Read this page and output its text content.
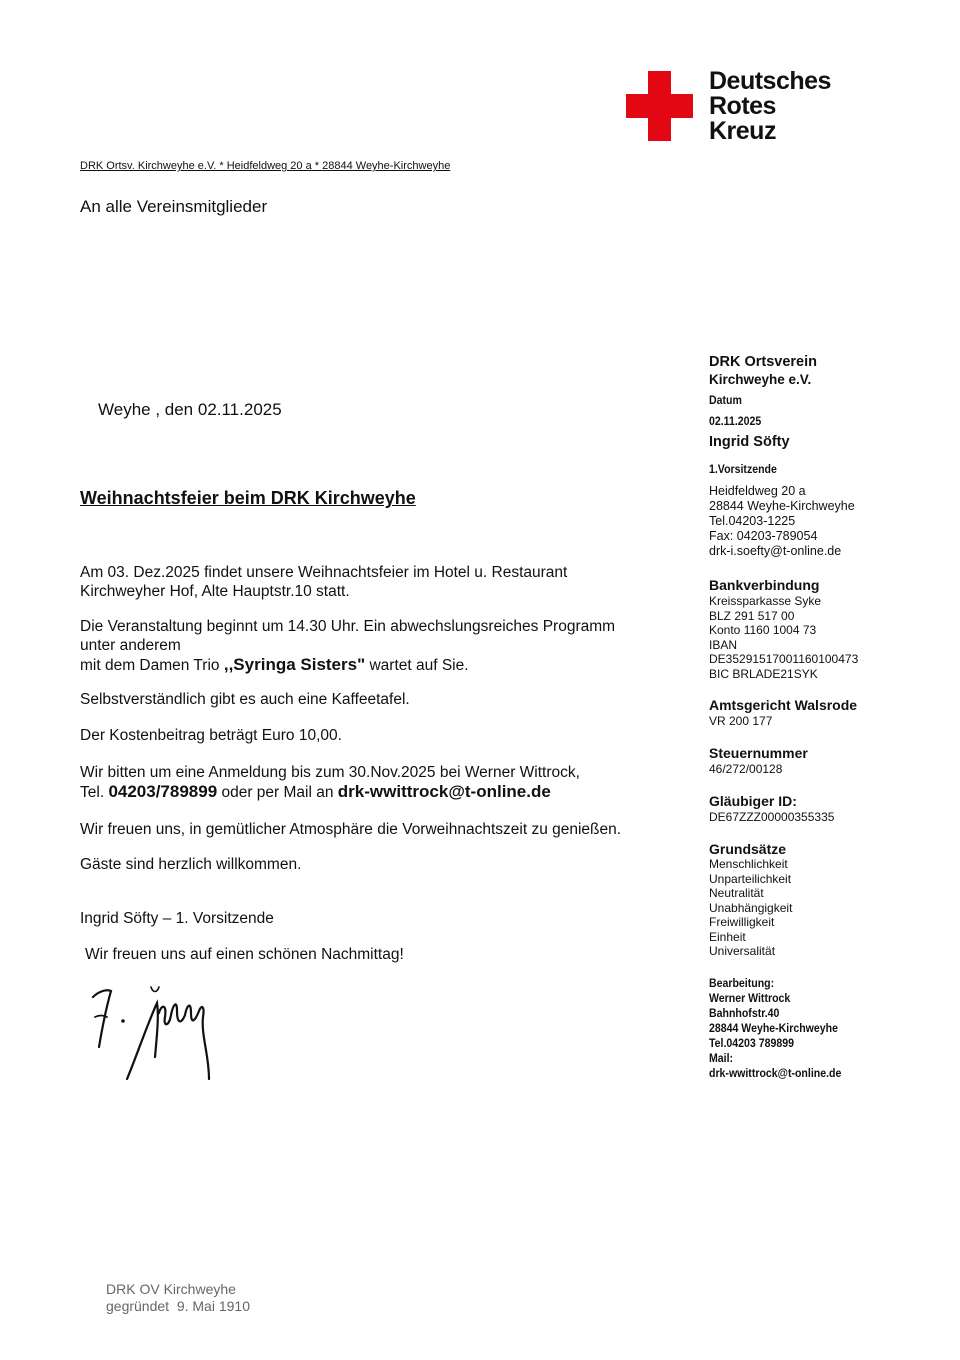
Deutsches
Rotes
Kreuz
DRK Ortsv. Kirchweyhe e.V. * Heidfeldweg 20 a * 28844 Weyhe-Kirchweyhe
An alle Vereinsmitglieder
Weyhe , den 02.11.2025
Weihnachtsfeier beim DRK Kirchweyhe
Am 03. Dez.2025 findet unsere Weihnachtsfeier im Hotel u. Restaurant
Kirchweyher Hof, Alte Hauptstr.10 statt.
Die Veranstaltung beginnt um 14.30 Uhr. Ein abwechslungsreiches Programm
unter anderem
mit dem Damen Trio ,,Syringa Sisters" wartet auf Sie.
Selbstverständlich gibt es auch eine Kaffeetafel.
Der Kostenbeitrag beträgt Euro 10,00.
Wir bitten um eine Anmeldung bis zum 30.Nov.2025 bei Werner Wittrock,
Tel. 04203/789899 oder per Mail an drk-wwittrock@t-online.de
Wir freuen uns, in gemütlicher Atmosphäre die Vorweihnachtszeit zu genießen.
Gäste sind herzlich willkommen.
Ingrid Söfty – 1. Vorsitzende
Wir freuen uns auf einen schönen Nachmittag!
DRK Ortsverein
Kirchweyhe e.V.
Datum
02.11.2025
Ingrid Söfty
1.Vorsitzende
Heidfeldweg 20 a
28844 Weyhe-Kirchweyhe
Tel.04203-1225
Fax: 04203-789054
drk-i.soefty@t-online.de
Bankverbindung
Kreissparkasse Syke
BLZ 291 517 00
Konto 1160 1004 73
IBAN
DE35291517001160100473
BIC BRLADE21SYK
Amtsgericht Walsrode
VR 200 177
Steuernummer
46/272/00128
Gläubiger ID:
DE67ZZZ00000355335
Grundsätze
Menschlichkeit
Unparteilichkeit
Neutralität
Unabhängigkeit
Freiwilligkeit
Einheit
Universalität
Bearbeitung:
Werner Wittrock
Bahnhofstr.40
28844 Weyhe-Kirchweyhe
Tel.04203 789899
Mail:
drk-wwittrock@t-online.de
DRK OV Kirchweyhe
gegründet  9. Mai 1910
